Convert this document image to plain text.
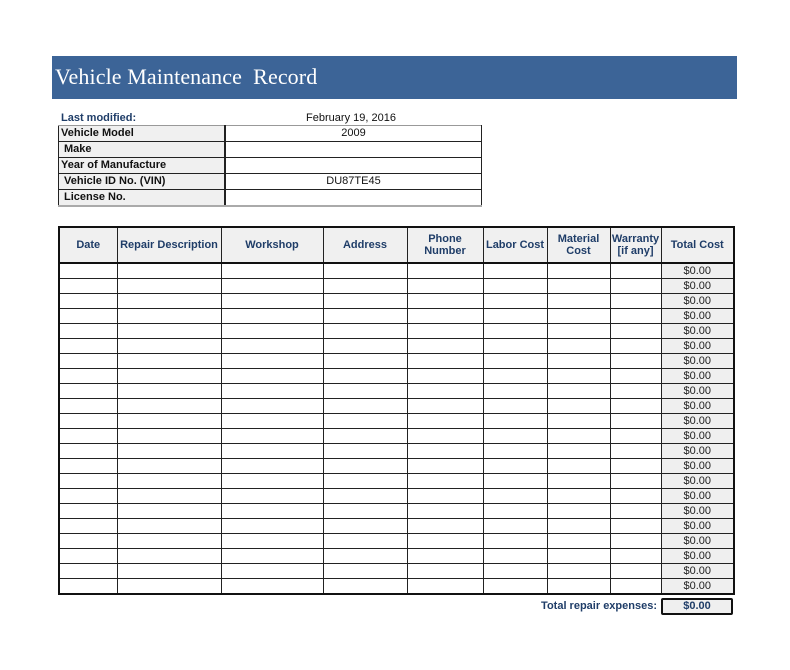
Vehicle Maintenance  Record
Last modified:	February 19, 2016
Vehicle Model	2009
Make	
Year of Manufacture	
Vehicle ID No. (VIN)	DU87TE45
License No.	
Date	Repair Description	Workshop	Address	Phone Number	Labor Cost	Material Cost	Warranty [if any]	Total Cost
								$0.00
								$0.00
								$0.00
								$0.00
								$0.00
								$0.00
								$0.00
								$0.00
								$0.00
								$0.00
								$0.00
								$0.00
								$0.00
								$0.00
								$0.00
								$0.00
								$0.00
								$0.00
								$0.00
								$0.00
								$0.00
								$0.00
Total repair expenses:	$0.00
